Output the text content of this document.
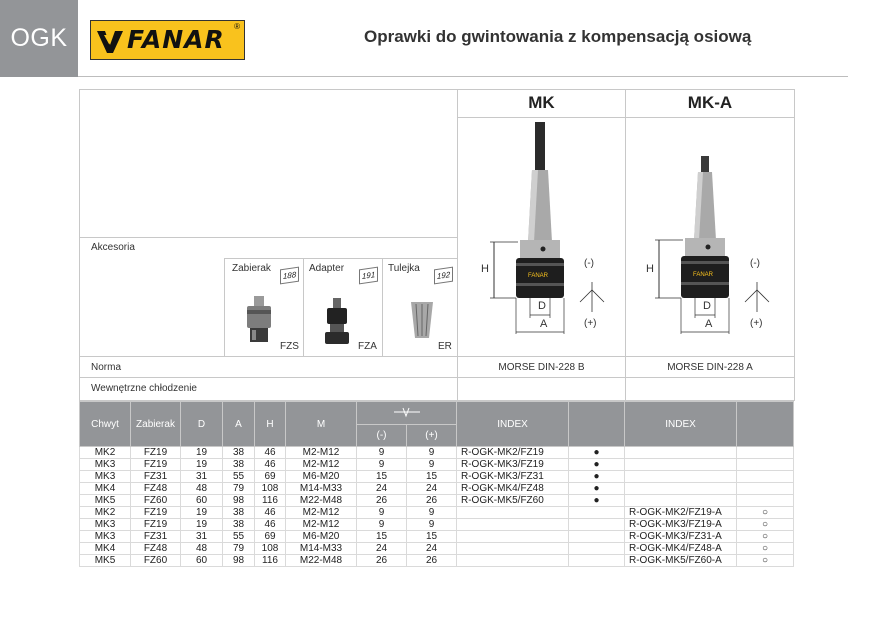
OGK	FANAR ®
Oprawki do gwintowania z kompensacją osiową
MK	MK-A
Akcesoria
Zabierak
188
FZS
Adapter
191
FZA
Tulejka
192
ER
FANAR
H
D
A
(-)
(+)
FANAR
H
D
A
(-)
(+)
Norma	MORSE DIN-228 B	MORSE DIN-228 A
Wewnętrzne chłodzenie
Chwyt	Zabierak	D	A	H	M			INDEX		INDEX	
						(-)	(+)				
MK2	FZ19	19	38	46	M2-M12	9	9	R-OGK-MK2/FZ19	●		
MK3	FZ19	19	38	46	M2-M12	9	9	R-OGK-MK3/FZ19	●		
MK3	FZ31	31	55	69	M6-M20	15	15	R-OGK-MK3/FZ31	●		
MK4	FZ48	48	79	108	M14-M33	24	24	R-OGK-MK4/FZ48	●		
MK5	FZ60	60	98	116	M22-M48	26	26	R-OGK-MK5/FZ60	●		
MK2	FZ19	19	38	46	M2-M12	9	9			R-OGK-MK2/FZ19-A	○
MK3	FZ19	19	38	46	M2-M12	9	9			R-OGK-MK3/FZ19-A	○
MK3	FZ31	31	55	69	M6-M20	15	15			R-OGK-MK3/FZ31-A	○
MK4	FZ48	48	79	108	M14-M33	24	24			R-OGK-MK4/FZ48-A	○
MK5	FZ60	60	98	116	M22-M48	26	26			R-OGK-MK5/FZ60-A	○
